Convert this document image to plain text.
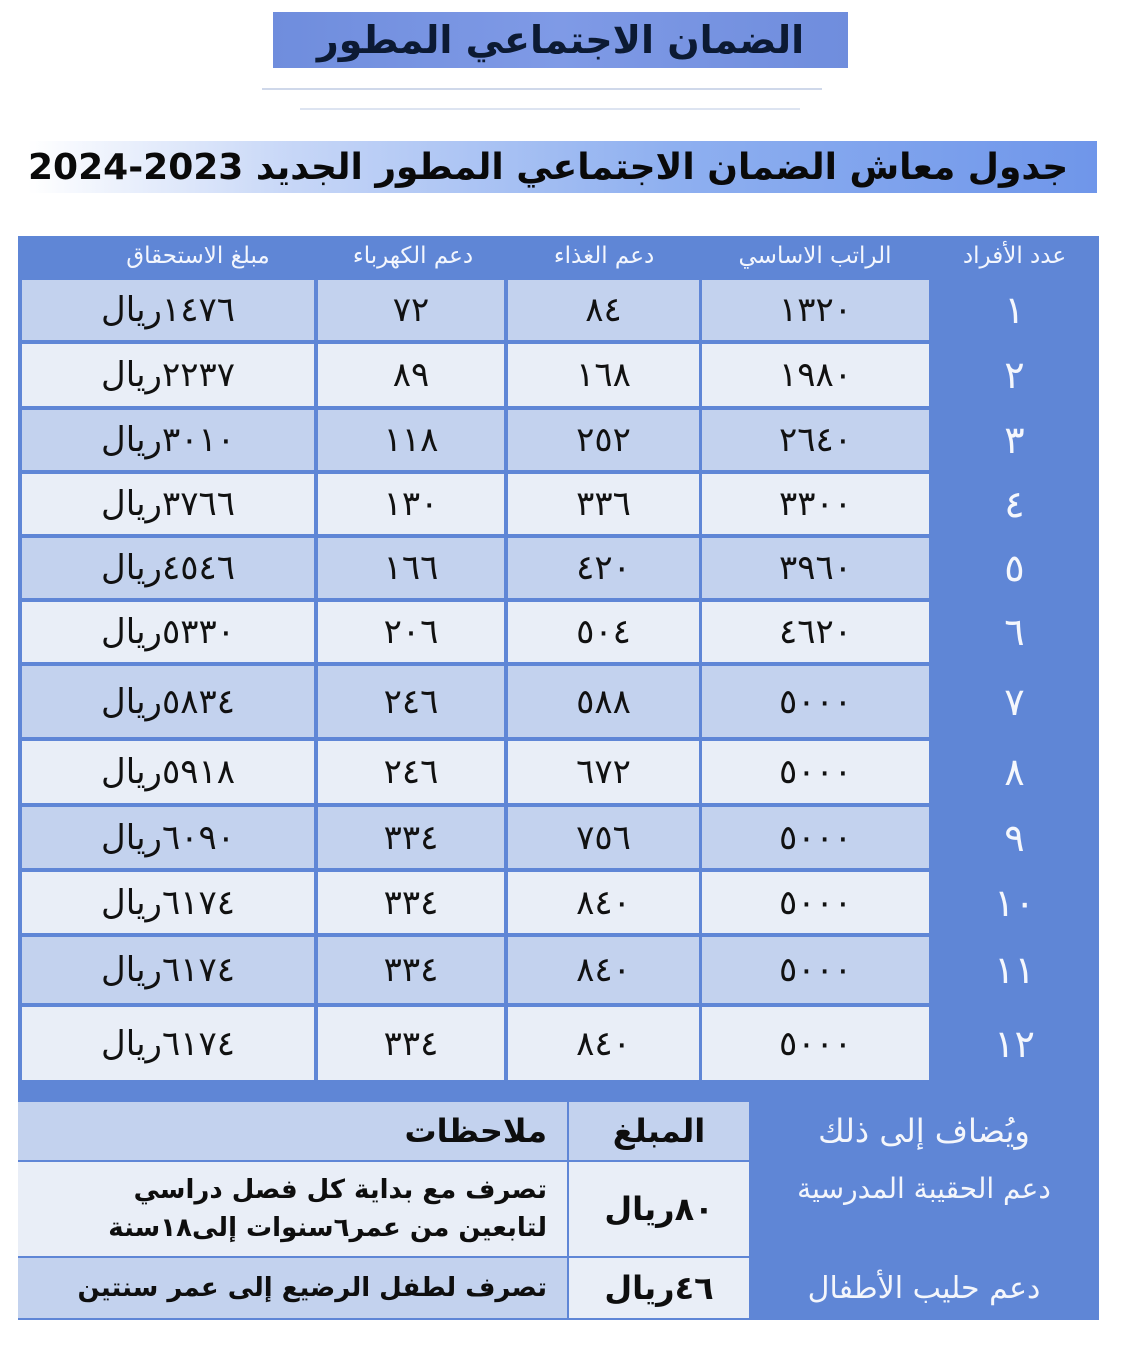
الضمان الاجتماعي المطور
جدول معاش الضمان الاجتماعي المطور الجديد 2023-2024
عدد الأفراد
الراتب الاساسي
دعم الغذاء
دعم الكهرباء
مبلغ الاستحقاق
١
١٣٢٠
٨٤
٧٢
١٤٧٦ريال
٢
١٩٨٠
١٦٨
٨٩
٢٢٣٧ريال
٣
٢٦٤٠
٢٥٢
١١٨
٣٠١٠ريال
٤
٣٣٠٠
٣٣٦
١٣٠
٣٧٦٦ريال
٥
٣٩٦٠
٤٢٠
١٦٦
٤٥٤٦ريال
٦
٤٦٢٠
٥٠٤
٢٠٦
٥٣٣٠ريال
٧
٥٠٠٠
٥٨٨
٢٤٦
٥٨٣٤ريال
٨
٥٠٠٠
٦٧٢
٢٤٦
٥٩١٨ريال
٩
٥٠٠٠
٧٥٦
٣٣٤
٦٠٩٠ريال
١٠
٥٠٠٠
٨٤٠
٣٣٤
٦١٧٤ريال
١١
٥٠٠٠
٨٤٠
٣٣٤
٦١٧٤ريال
١٢
٥٠٠٠
٨٤٠
٣٣٤
٦١٧٤ريال
ويُضاف إلى ذلك
المبلغ
ملاحظات
دعم الحقيبة المدرسية
٨٠ريال
تصرف مع بداية كل فصل دراسي
لتابعين من عمر٦سنوات إلى١٨سنة
دعم حليب الأطفال
٤٦ريال
تصرف لطفل الرضيع إلى عمر سنتين
